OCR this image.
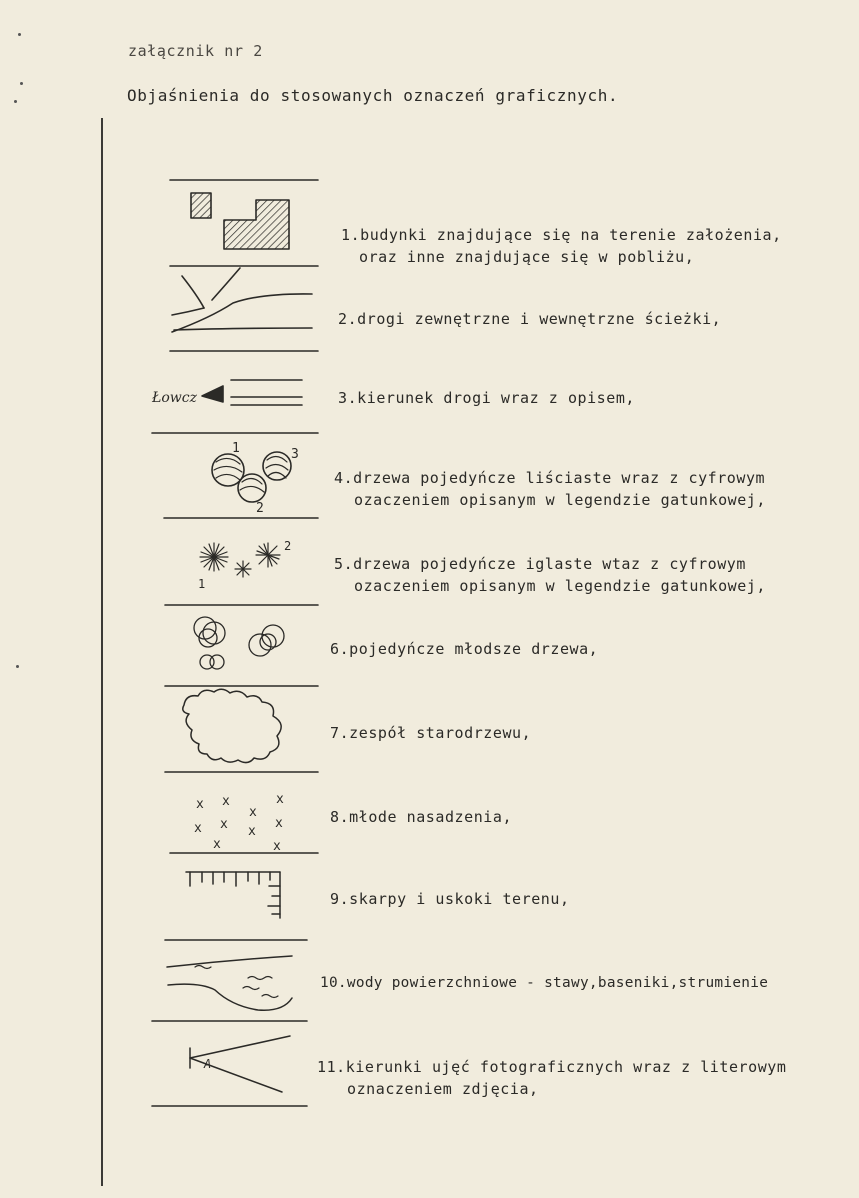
załącznik nr 2
Objaśnienia do stosowanych oznaczeń graficznych.
Łowcz
1
2
3
1
2
x x
x
x
x x x
x
x	x
A
1.budynki znajdujące się na terenie założenia,
oraz inne znajdujące się w pobliżu,
2.drogi zewnętrzne i wewnętrzne ścieżki,
3.kierunek drogi wraz z opisem,
4.drzewa pojedyńcze liściaste wraz z cyfrowym
ozaczeniem opisanym w legendzie gatunkowej,
5.drzewa pojedyńcze iglaste wtaz z cyfrowym
ozaczeniem opisanym w legendzie gatunkowej,
6.pojedyńcze młodsze drzewa,
7.zespół starodrzewu,
8.młode nasadzenia,
9.skarpy i uskoki terenu,
10.wody powierzchniowe - stawy,baseniki,strumienie
11.kierunki ujęć fotograficznych wraz z literowym
oznaczeniem zdjęcia,
